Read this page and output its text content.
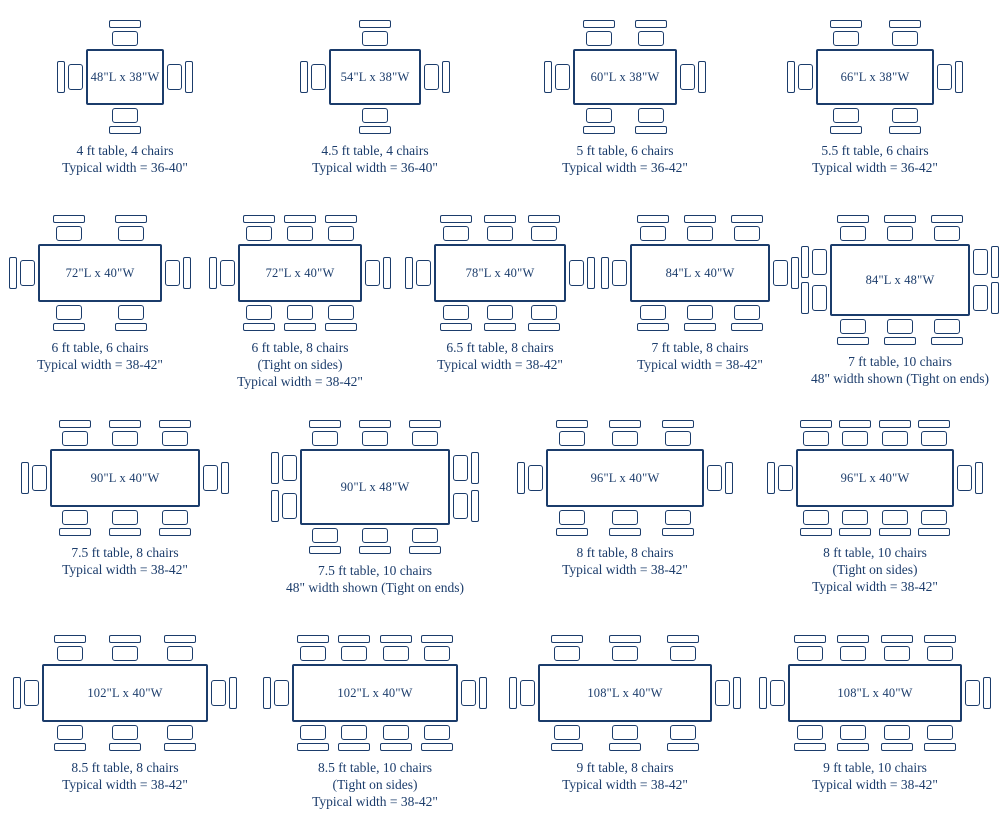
48"L x 38"W
4 ft table, 4 chairs
Typical width = 36-40"
54"L x 38"W
4.5 ft table, 4 chairs
Typical width = 36-40"
60"L x 38"W
5 ft table, 6 chairs
Typical width = 36-42"
66"L x 38"W
5.5 ft table, 6 chairs
Typical width = 36-42"
72"L x 40"W
6 ft table, 6 chairs
Typical width = 38-42"
72"L x 40"W
6 ft table, 8 chairs
(Tight on sides)
Typical width = 38-42"
78"L x 40"W
6.5 ft table, 8 chairs
Typical width = 38-42"
84"L x 40"W
7 ft table, 8 chairs
Typical width = 38-42"
84"L x 48"W
7 ft table, 10 chairs
48" width shown (Tight on ends)
90"L x 40"W
7.5 ft table, 8 chairs
Typical width = 38-42"
90"L x 48"W
7.5 ft table, 10 chairs
48" width shown (Tight on ends)
96"L x 40"W
8 ft table, 8 chairs
Typical width = 38-42"
96"L x 40"W
8 ft table, 10 chairs
(Tight on sides)
Typical width = 38-42"
102"L x 40"W
8.5 ft table, 8 chairs
Typical width = 38-42"
102"L x 40"W
8.5 ft table, 10 chairs
(Tight on sides)
Typical width = 38-42"
108"L x 40"W
9 ft table, 8 chairs
Typical width = 38-42"
108"L x 40"W
9 ft table, 10 chairs
Typical width = 38-42"
